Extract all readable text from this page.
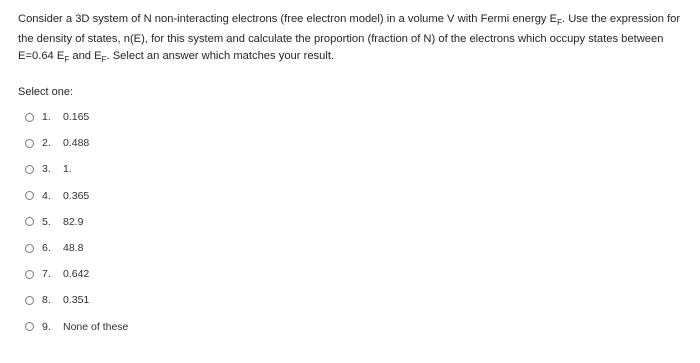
Consider a 3D system of N non-interacting electrons (free electron model) in a volume V with Fermi energy $E_F$. Use the expression for the density of states, n(E), for this system and calculate the proportion (fraction of N) of the electrons which occupy states between E=0.64 $E_F$ and $E_F$. Select an answer which matches your result.
Select one:
1.	0.165
2.	0.488
3.	1.
4.	0.365
5.	82.9
6.	48.8
7.	0.642
8.	0.351
9.	None of these
